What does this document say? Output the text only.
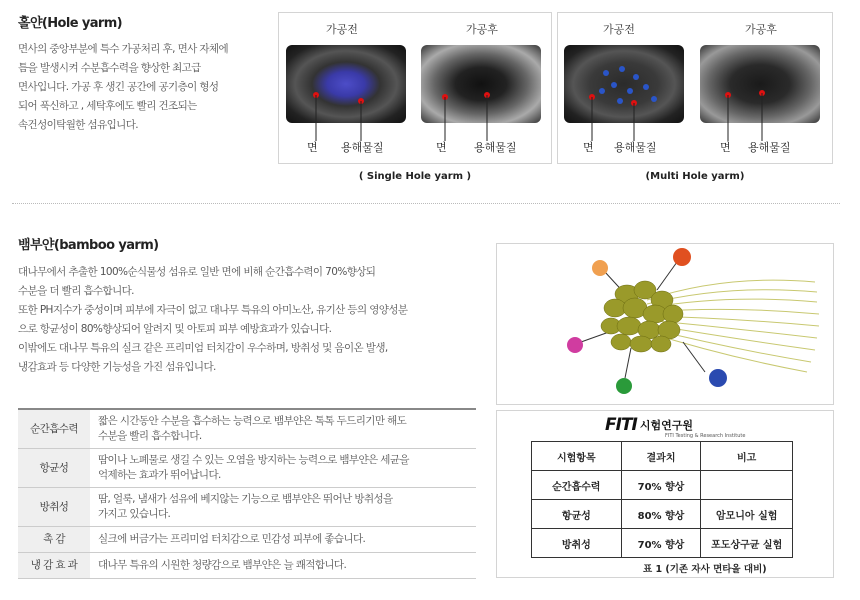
홀얀(Hole yarm)
면사의 중앙부분에 특수 가공처리 후, 면사 자체에
틈을 발생시켜 수분흡수력을 향상한 최고급
면사입니다. 가공 후 생긴 공간에 공기층이 형성
되어 푹신하고 , 세탁후에도 빨리 건조되는
속건성이탁월한 섬유입니다.
가공전	가공후
면 용해물질	면 용해물질
( Single Hole yarm )
가공전	가공후
면 용해물질	면 용해물질
(Multi Hole yarm)
뱀부얀(bamboo yarm)
대나무에서 추출한 100%순식물성 섬유로 일반 면에 비해 순간흡수력이 70%향상되
수분을 더 빨리 흡수합니다.
또한 PH지수가 중성이며 피부에 자극이 없고 대나무 특유의 아미노산, 유기산 등의 영양성분
으로 항균성이 80%향상되어 알려지 및 아토피 피부 예방효과가 있습니다.
이밖에도 대나무 특유의 실크 같은 프리미엄 터치감이 우수하며, 방취성 및 음이온 발생,
냉감효과 등 다양한 기능성을 가진 섬유입니다.
순간흡수력	짧은 시간동안 수분을 흡수하는 능력으로 뱀부얀은 톡톡 두드리기만 해도
수분을 빨리 흡수합니다.

항균성	땀이나 노폐물로 생길 수 있는 오염을 방지하는 능력으로 뱀부얀은 세균을
억제하는 효과가 뛰어납니다.

방취성	땀, 얼룩, 냄새가 섬유에 베지않는 기능으로 뱀부얀은 뛰어난 방취성을
가지고 있습니다.

촉 감	실크에 버금가는 프리미엄 터치감으로 민감성 피부에 좋습니다.

냉 감 효 과	대나무 특유의 시원한 청량감으로 뱀부얀은 늘 쾌적합니다.
FITI 시험연구원
FITI Testing & Research Institute
시험항목	결과치	비고
순간흡수력	70% 향상	
항균성	80% 향상	암모니아 실험
방취성	70% 향상	포도상구균 실험
표 1 (기존 자사 면타올 대비)
